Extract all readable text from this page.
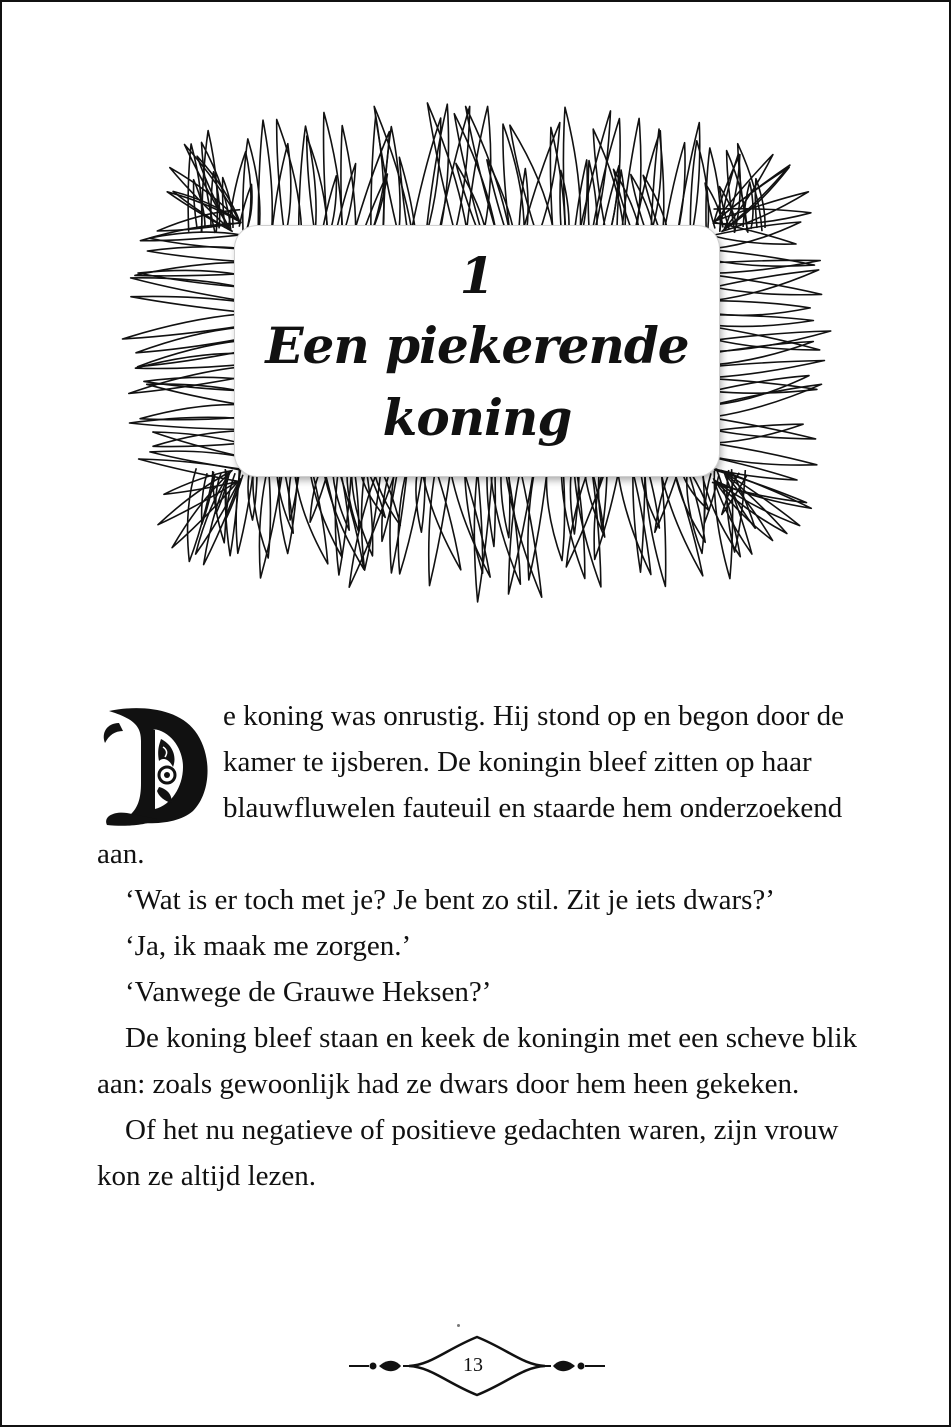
1
Een piekerende
koning

e koning was onrustig. Hij stond op en begon door de kamer te ijsberen. De koningin bleef zitten op haar blauwfluwelen fauteuil en staarde hem onderzoekend aan.

‘Wat is er toch met je? Je bent zo stil. Zit je iets dwars?’

‘Ja, ik maak me zorgen.’

‘Vanwege de Grauwe Heksen?’

De koning bleef staan en keek de koningin met een scheve blik aan: zoals gewoonlijk had ze dwars door hem heen gekeken.

Of het nu negatieve of positieve gedachten waren, zijn vrouw kon ze altijd lezen.

13
